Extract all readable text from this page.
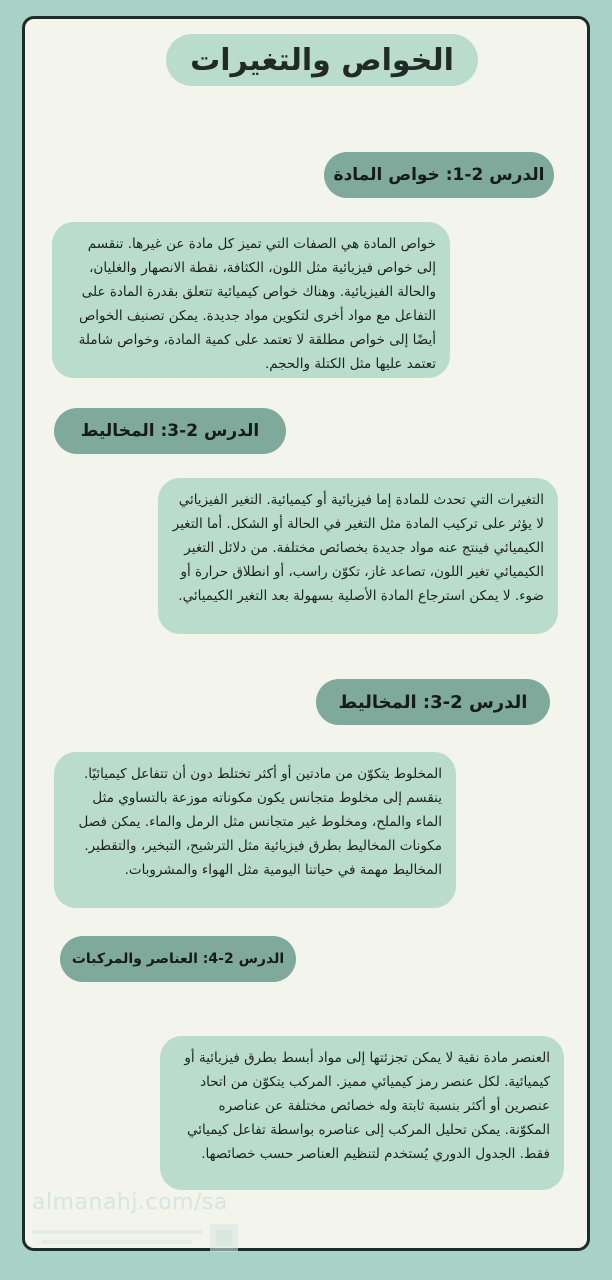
الخواص والتغيرات
الدرس 2-1: خواص المادة
خواص المادة هي الصفات التي تميز كل مادة عن غيرها. تنقسم إلى خواص فيزيائية مثل اللون، الكثافة، نقطة الانصهار والغليان، والحالة الفيزيائية. وهناك خواص كيميائية تتعلق بقدرة المادة على التفاعل مع مواد أخرى لتكوين مواد جديدة. يمكن تصنيف الخواص أيضًا إلى خواص مطلقة لا تعتمد على كمية المادة، وخواص شاملة تعتمد عليها مثل الكتلة والحجم.
الدرس 2-3: المخاليط
التغيرات التي تحدث للمادة إما فيزيائية أو كيميائية. التغير الفيزيائي لا يؤثر على تركيب المادة مثل التغير في الحالة أو الشكل. أما التغير الكيميائي فينتج عنه مواد جديدة بخصائص مختلفة. من دلائل التغير الكيميائي تغير اللون، تصاعد غاز، تكوّن راسب، أو انطلاق حرارة أو ضوء. لا يمكن استرجاع المادة الأصلية بسهولة بعد التغير الكيميائي.
الدرس 2-3: المخاليط
المخلوط يتكوّن من مادتين أو أكثر تختلط دون أن تتفاعل كيميائيًا. ينقسم إلى مخلوط متجانس يكون مكوناته موزعة بالتساوي مثل الماء والملح، ومخلوط غير متجانس مثل الرمل والماء. يمكن فصل مكونات المخاليط بطرق فيزيائية مثل الترشيح، التبخير، والتقطير. المخاليط مهمة في حياتنا اليومية مثل الهواء والمشروبات.
الدرس 2-4: العناصر والمركبات
العنصر مادة نقية لا يمكن تجزئتها إلى مواد أبسط بطرق فيزيائية أو كيميائية. لكل عنصر رمز كيميائي مميز. المركب يتكوّن من اتحاد عنصرين أو أكثر بنسبة ثابتة وله خصائص مختلفة عن عناصره المكوّنة. يمكن تحليل المركب إلى عناصره بواسطة تفاعل كيميائي فقط. الجدول الدوري يُستخدم لتنظيم العناصر حسب خصائصها.
almanahj.com/sa
